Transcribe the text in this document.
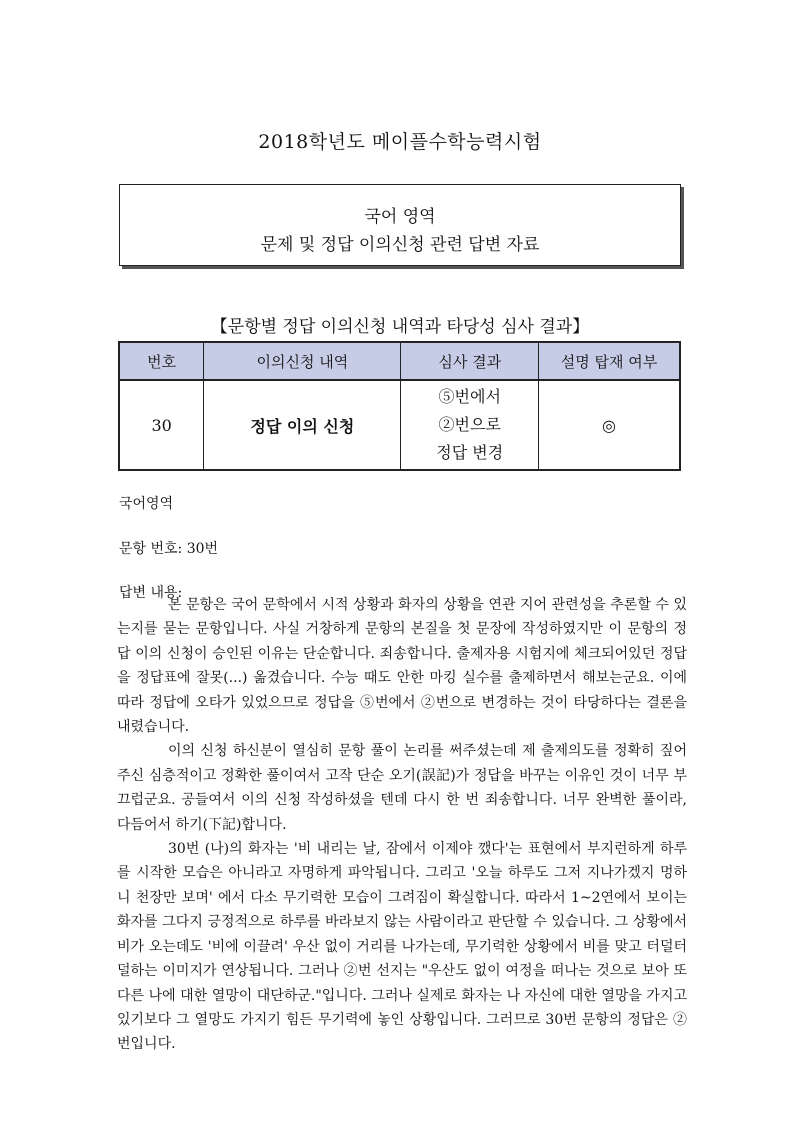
2018학년도 메이플수학능력시험
국어 영역
문제 및 정답 이의신청 관련 답변 자료
【문항별 정답 이의신청 내역과 타당성 심사 결과】
번호	이의신청 내역	심사 결과	설명 탑재 여부
30	정답 이의 신청	⑤번에서
②번으로
정답 변경	◎
국어영역
문항 번호: 30번
답변 내용:

본 문항은 국어 문학에서 시적 상황과 화자의 상황을 연관 지어 관련성을 추론할 수 있는지를 묻는 문항입니다. 사실 거창하게 문항의 본질을 첫 문장에 작성하였지만 이 문항의 정답 이의 신청이 승인된 이유는 단순합니다. 죄송합니다. 출제자용 시험지에 체크되어있던 정답을 정답표에 잘못(...) 옮겼습니다. 수능 때도 안한 마킹 실수를 출제하면서 해보는군요. 이에 따라 정답에 오타가 있었으므로 정답을 ⑤번에서 ②번으로 변경하는 것이 타당하다는 결론을 내렸습니다.

이의 신청 하신분이 열심히 문항 풀이 논리를 써주셨는데 제 출제의도를 정확히 짚어주신 심층적이고 정확한 풀이여서 고작 단순 오기(誤記)가 정답을 바꾸는 이유인 것이 너무 부끄럽군요. 공들여서 이의 신청 작성하셨을 텐데 다시 한 번 죄송합니다. 너무 완벽한 풀이라, 다듬어서 하기(下記)합니다.

30번 (나)의 화자는 '비 내리는 날, 잠에서 이제야 깼다'는 표현에서 부지런하게 하루를 시작한 모습은 아니라고 자명하게 파악됩니다. 그리고 '오늘 하루도 그저 지나가겠지 멍하니 천장만 보며' 에서 다소 무기력한 모습이 그려짐이 확실합니다. 따라서 1~2연에서 보이는 화자를 그다지 긍정적으로 하루를 바라보지 않는 사람이라고 판단할 수 있습니다. 그 상황에서 비가 오는데도 '비에 이끌려' 우산 없이 거리를 나가는데, 무기력한 상황에서 비를 맞고 터덜터덜하는 이미지가 연상됩니다. 그러나 ②번 선지는 "우산도 없이 여정을 떠나는 것으로 보아 또 다른 나에 대한 열망이 대단하군."입니다. 그러나 실제로 화자는 나 자신에 대한 열망을 가지고 있기보다 그 열망도 가지기 힘든 무기력에 놓인 상황입니다. 그러므로 30번 문항의 정답은 ②번입니다.
